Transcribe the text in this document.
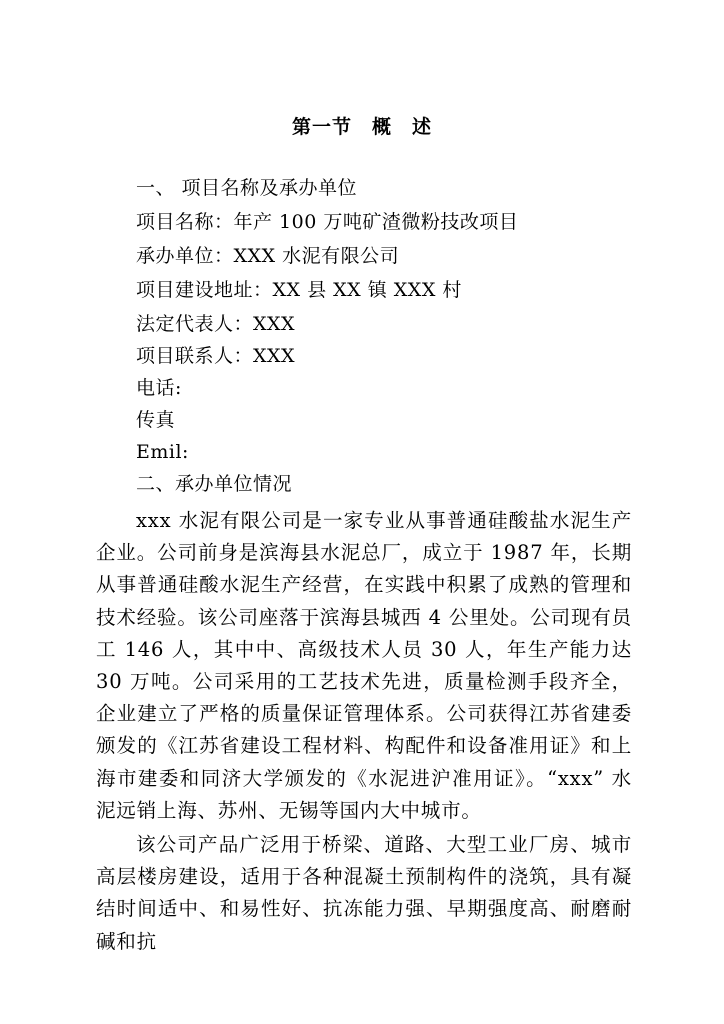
第一节 概　述
一、 项目名称及承办单位
项目名称：年产 100 万吨矿渣微粉技改项目
承办单位：XXX 水泥有限公司
项目建设地址：XX 县 XX 镇 XXX 村
法定代表人：XXX
项目联系人：XXX
电话:
传真
Emil:
二、承办单位情况
xxx 水泥有限公司是一家专业从事普通硅酸盐水泥生产企业。公司前身是滨海县水泥总厂，成立于 1987 年，长期从事普通硅酸水泥生产经营，在实践中积累了成熟的管理和技术经验。该公司座落于滨海县城西 4 公里处。公司现有员工 146 人，其中中、高级技术人员 30 人，年生产能力达 30 万吨。公司采用的工艺技术先进，质量检测手段齐全，企业建立了严格的质量保证管理体系。公司获得江苏省建委颁发的《江苏省建设工程材料、构配件和设备准用证》和上海市建委和同济大学颁发的《水泥进沪准用证》。“xxx” 水泥远销上海、苏州、无锡等国内大中城市。
该公司产品广泛用于桥梁、道路、大型工业厂房、城市高层楼房建设，适用于各种混凝土预制构件的浇筑，具有凝结时间适中、和易性好、抗冻能力强、早期强度高、耐磨耐碱和抗
